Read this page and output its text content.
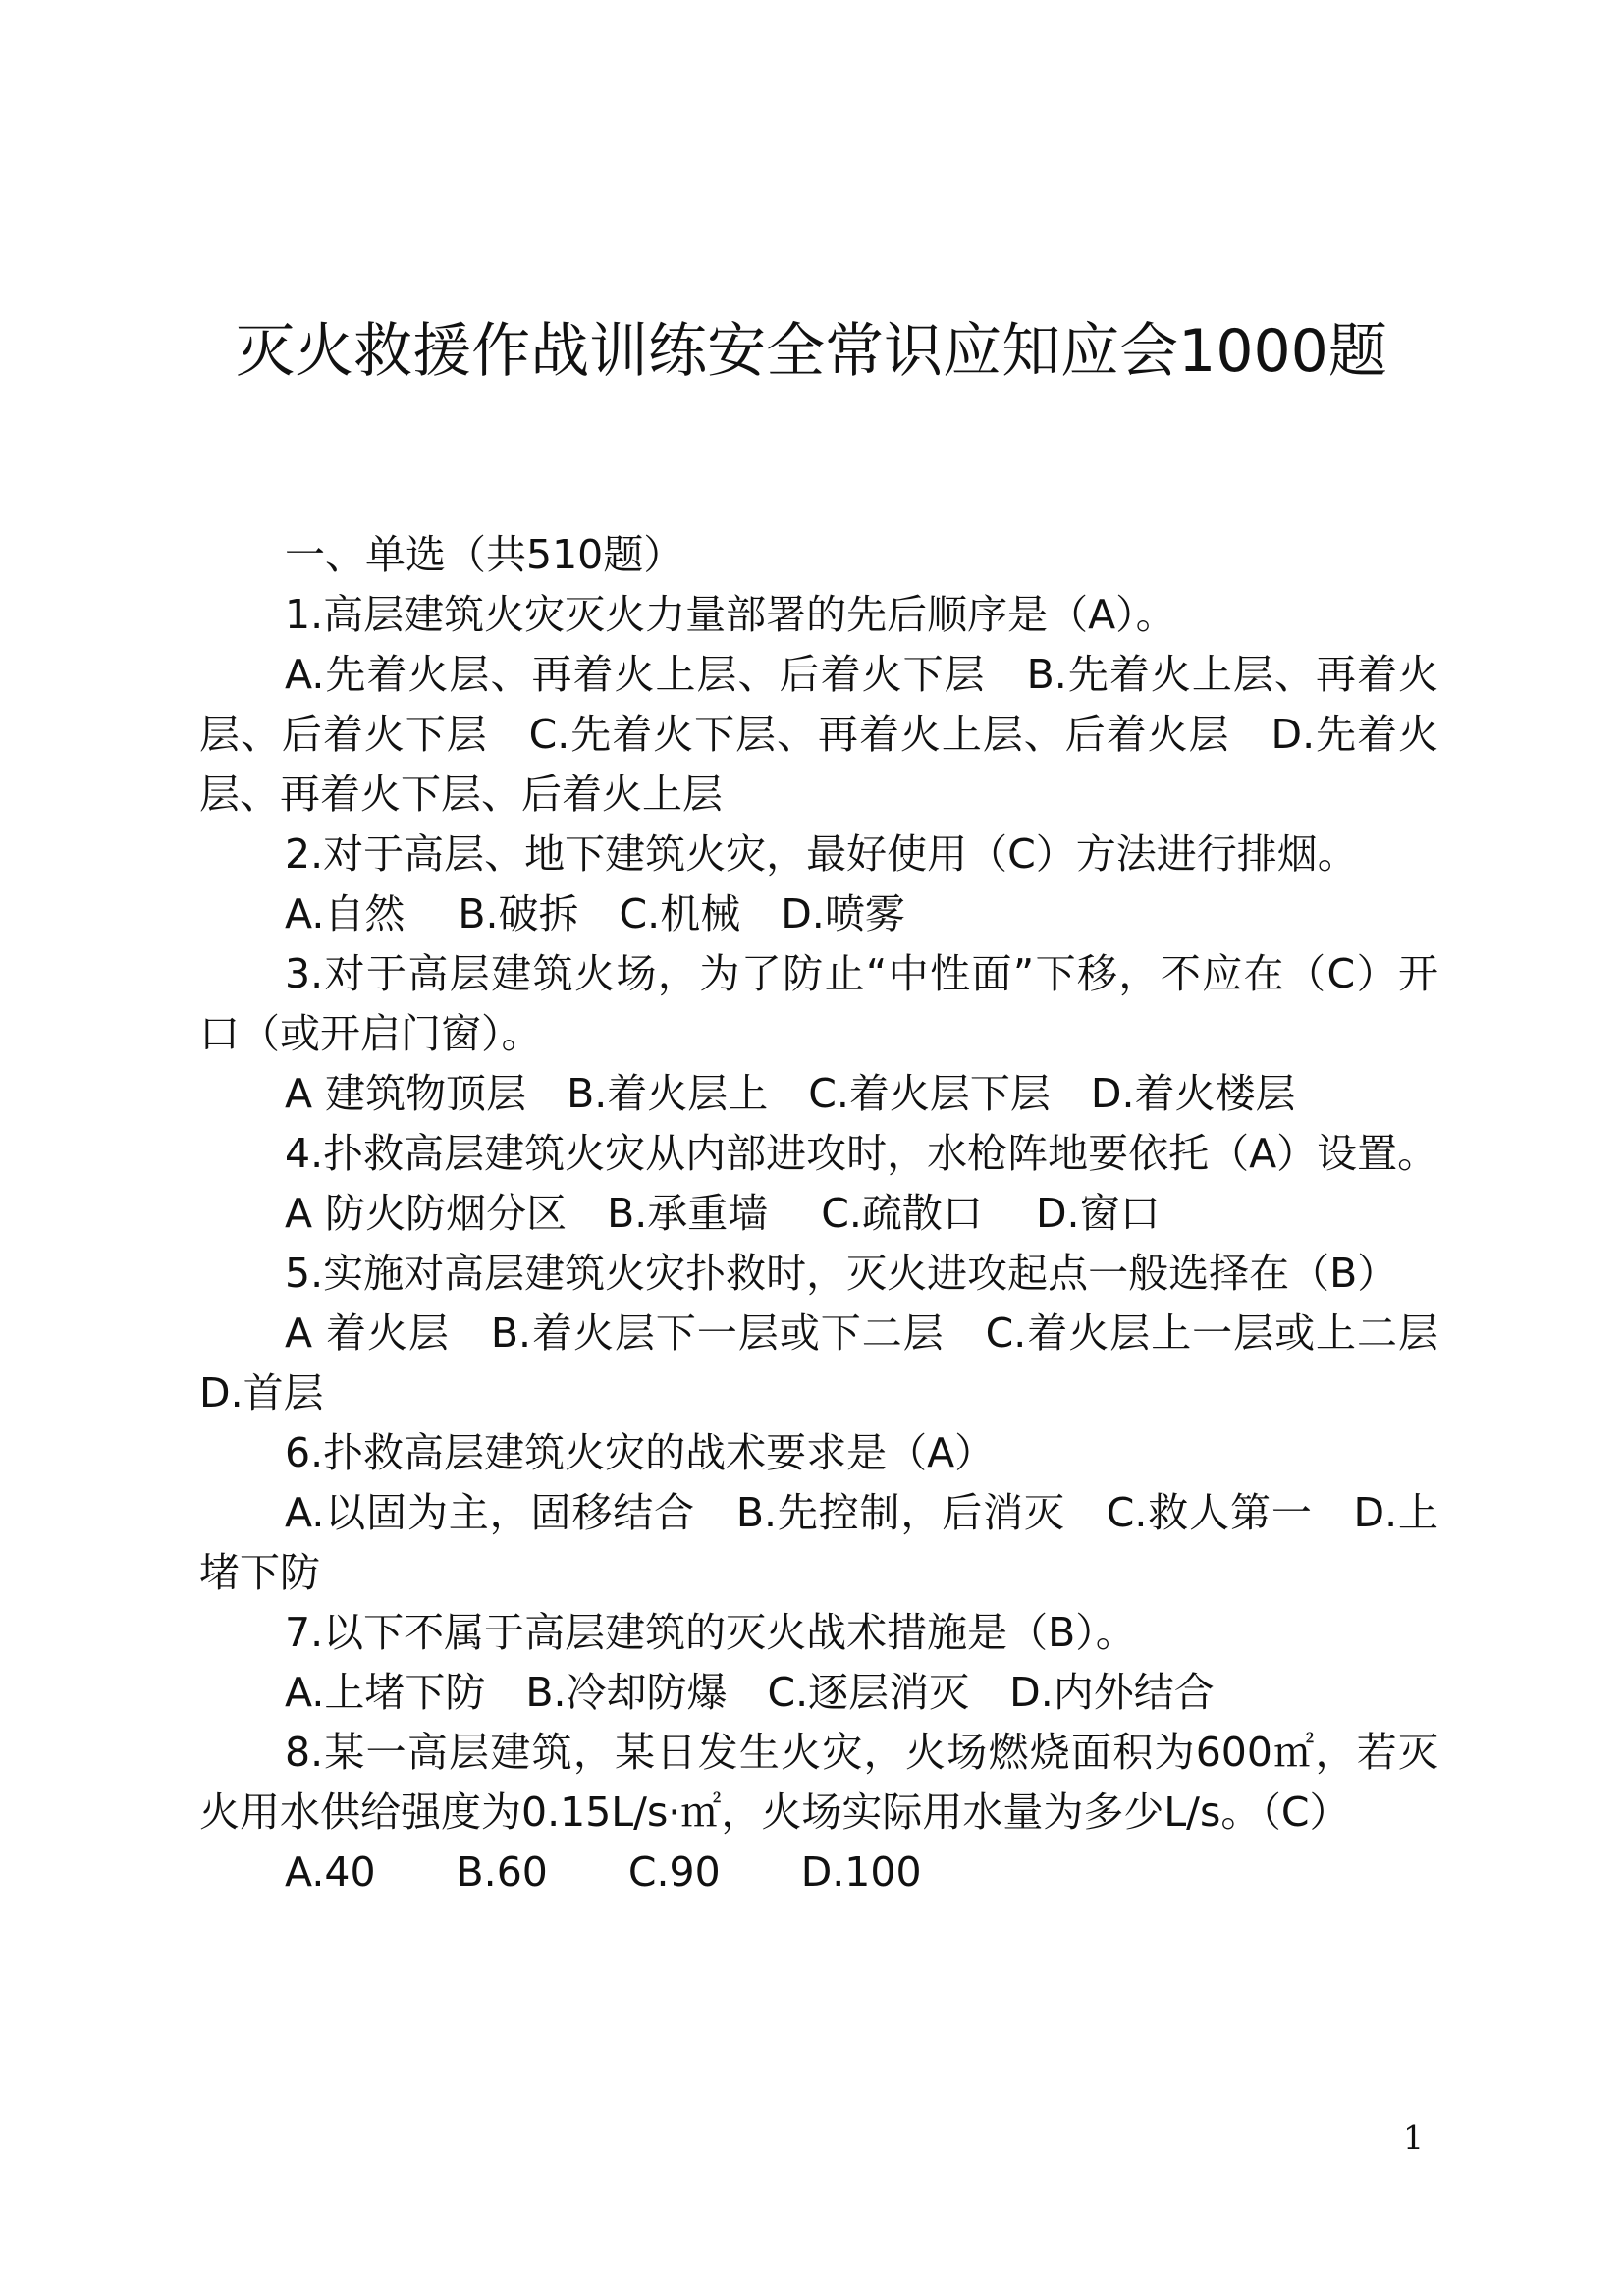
灭火救援作战训练安全常识应知应会1000题

一、单选（共510题）

1.高层建筑火灾灭火力量部署的先后顺序是（A）。

A.先着火层、再着火上层、后着火下层　B.先着火上层、再着火层、后着火下层　C.先着火下层、再着火上层、后着火层　D.先着火层、再着火下层、后着火上层

2.对于高层、地下建筑火灾，最好使用（C）方法进行排烟。

A.自然　 B.破拆　C.机械　D.喷雾

3.对于高层建筑火场，为了防止“中性面”下移，不应在（C）开口（或开启门窗）。

A 建筑物顶层　B.着火层上　C.着火层下层　D.着火楼层

4.扑救高层建筑火灾从内部进攻时，水枪阵地要依托（A）设置。

A 防火防烟分区　B.承重墙　 C.疏散口　 D.窗口

5.实施对高层建筑火灾扑救时，灭火进攻起点一般选择在（B）

A 着火层　B.着火层下一层或下二层　C.着火层上一层或上二层　D.首层

6.扑救高层建筑火灾的战术要求是（A）

A.以固为主，固移结合　B.先控制，后消灭　C.救人第一　D.上堵下防

7.以下不属于高层建筑的灭火战术措施是（B）。

A.上堵下防　B.冷却防爆　C.逐层消灭　D.内外结合

8.某一高层建筑，某日发生火灾，火场燃烧面积为600㎡，若灭火用水供给强度为0.15L/s·㎡，火场实际用水量为多少L/s。（C）

A.40　　B.60　　C.90　　D.100

1
